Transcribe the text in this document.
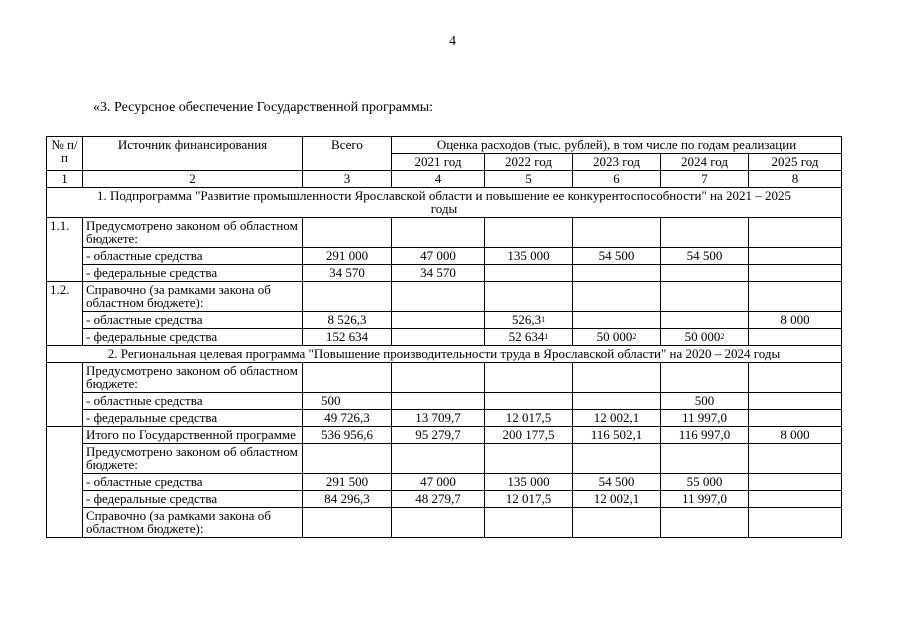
4
«3. Ресурсное обеспечение Государственной программы:
№ п/п	Источник финансирования	Всего	Оценка расходов (тыс. рублей), в том числе по годам реализации				
			2021 год	2022 год	2023 год	2024 год	2025 год
1	2	3	4	5	6	7	8
1. Подпрограмма "Развитие промышленности Ярославской области и повышение ее конкурентоспособности" на 2021 – 2025 годы							
1.1.	Предусмотрено законом об областном бюджете:						
	- областные средства	291 000	47 000	135 000	54 500	54 500	
	- федеральные средства	34 570	34 570				
1.2.	Справочно (за рамками закона об областном бюджете):						
	- областные средства	8 526,3		526,3$^1$			8 000
	- федеральные средства	152 634		52 $634^1$	50 $000^2$	50 $000^2$	
2. Региональная целевая программа "Повышение производительности труда в Ярославской области" на 2020 – 2024 годы							
	Предусмотрено законом об областном бюджете:						
	- областные средства	500				500	
	- федеральные средства	49 726,3	13 709,7	12 017,5	12 002,1	11 997,0	
	Итого по Государственной программе	536 956,6	95 279,7	200 177,5	116 502,1	116 997,0	8 000
	Предусмотрено законом об областном бюджете:						
	- областные средства	291 500	47 000	135 000	54 500	55 000	
	- федеральные средства	84 296,3	48 279,7	12 017,5	12 002,1	11 997,0	
	Справочно (за рамками закона об областном бюджете):						
